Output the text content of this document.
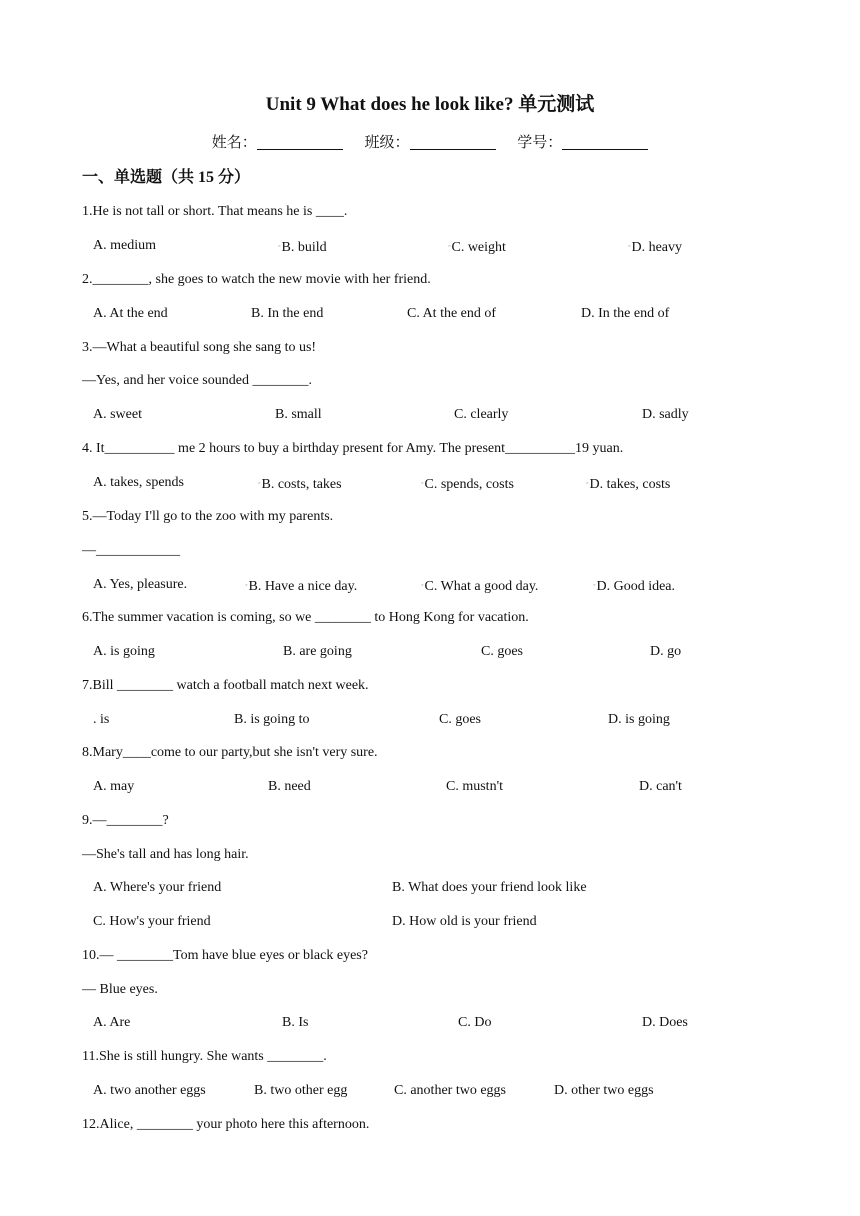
Unit 9 What does he look like? 单元测试
姓名：	班级：	学号：
一、单选题（共 15 分）
1.He is not tall or short. That means he is ____.
A. medium	◦B. build	◦C. weight	◦D. heavy
2.________, she goes to watch the new movie with her friend.
A. At the end	B. In the end	C. At the end of	D. In the end of
3.—What a beautiful song she sang to us!
—Yes, and her voice sounded ________.
A. sweet	B. small	C. clearly	D. sadly
4. It__________ me 2 hours to buy a birthday present for Amy. The present__________19 yuan.
A. takes, spends	◦B. costs, takes	◦C. spends, costs	◦D. takes, costs
5.—Today I'll go to the zoo with my parents.
—____________
A. Yes, pleasure.	◦B. Have a nice day.	◦C. What a good day.	◦D. Good idea.
6.The summer vacation is coming, so we ________ to Hong Kong for vacation.
A. is going	B. are going	C. goes	D. go
7.Bill ________ watch a football match next week.
. is	B. is going to	C. goes	D. is going
8.Mary____come to our party,but she isn't very sure.
A. may	B. need	C. mustn't	D. can't
9.—________?
—She's tall and has long hair.
A. Where's your friend	B. What does your friend look like
C. How's your friend	D. How old is your friend
10.— ________Tom have blue eyes or black eyes?
— Blue eyes.
A. Are	B. Is	C. Do	D. Does
11.She is still hungry. She wants ________.
A. two another eggs	B. two other egg	C. another two eggs	D. other two eggs
12.Alice, ________ your photo here this afternoon.
